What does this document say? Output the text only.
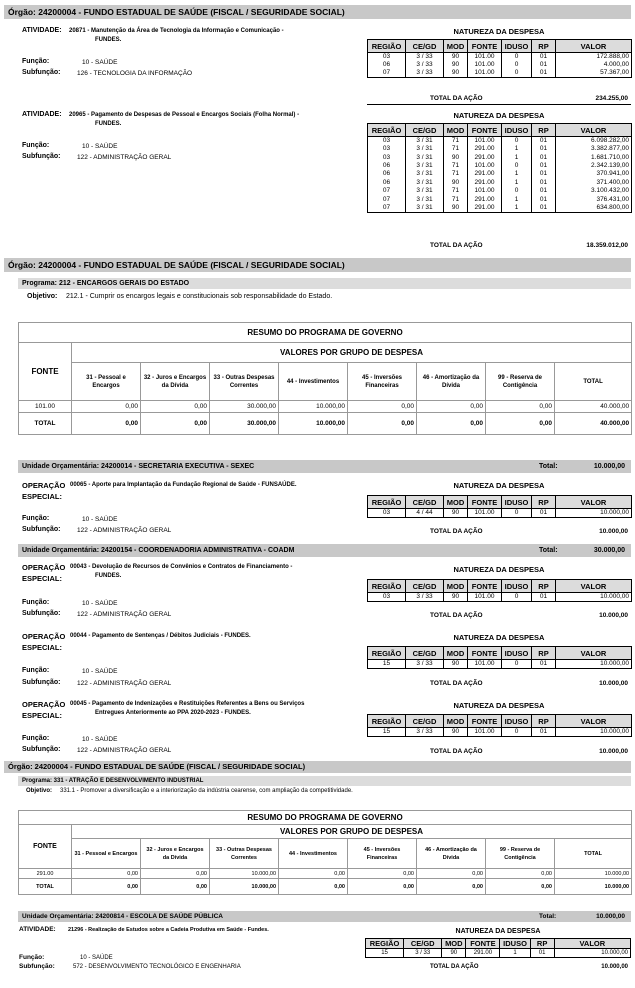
Órgão: 24200004 - FUNDO ESTADUAL DE SAÚDE (FISCAL / SEGURIDADE SOCIAL)
ATIVIDADE: 20871 - Manutenção da Área de Tecnologia da Informação e Comunicação -
FUNDES.
Função:	10 - SAÚDE
Subfunção:	126 - TECNOLOGIA DA INFORMAÇÃO
NATUREZA DA DESPESA
REGIÃO	CE/GD	MOD	FONTE	IDUSO	RP	VALOR
03	3 / 33	90	101.00	0	01	172.888,00
06	3 / 33	90	101.00	0	01	4.000,00
07	3 / 33	90	101.00	0	01	57.367,00
TOTAL DA AÇÃO	234.255,00
ATIVIDADE: 20965 - Pagamento de Despesas de Pessoal e Encargos Sociais (Folha Normal) -
FUNDES.
Função:	10 - SAÚDE
Subfunção:	122 - ADMINISTRAÇÃO GERAL
NATUREZA DA DESPESA
REGIÃO	CE/GD	MOD	FONTE	IDUSO	RP	VALOR
03	3 / 31	71	101.00	0	01	6.098.282,00
03	3 / 31	71	291.00	1	01	3.382.877,00
03	3 / 31	90	291.00	1	01	1.681.710,00
06	3 / 31	71	101.00	0	01	2.342.139,00
06	3 / 31	71	291.00	1	01	370.941,00
06	3 / 31	90	291.00	1	01	371.400,00
07	3 / 31	71	101.00	0	01	3.100.432,00
07	3 / 31	71	291.00	1	01	376.431,00
07	3 / 31	90	291.00	1	01	634.800,00
TOTAL DA AÇÃO	18.359.012,00
Órgão: 24200004 - FUNDO ESTADUAL DE SAÚDE (FISCAL / SEGURIDADE SOCIAL)
Programa: 212 - ENCARGOS GERAIS DO ESTADO
Objetivo: 212.1 - Cumprir os encargos legais e constitucionais sob responsabilidade do Estado.
RESUMO DO PROGRAMA DE GOVERNO								
FONTE	VALORES POR GRUPO DE DESPESA							
	31 - Pessoal e Encargos	32 - Juros e Encargos da Dívida	33 - Outras Despesas Correntes	44 - Investimentos	45 - Inversões Financeiras	46 - Amortização da Dívida	99 - Reserva de Contigência	TOTAL
101.00	0,00	0,00	30.000,00	10.000,00	0,00	0,00	0,00	40.000,00
TOTAL	0,00	0,00	30.000,00	10.000,00	0,00	0,00	0,00	40.000,00
Unidade Orçamentária: 24200014 - SECRETARIA EXECUTIVA - SEXEC	Total:	10.000,00
OPERAÇÃO
ESPECIAL:
00065 - Aporte para Implantação da Fundação Regional de Saúde - FUNSAÚDE.
Função:	10 - SAÚDE
Subfunção:	122 - ADMINISTRAÇÃO GERAL
NATUREZA DA DESPESA
REGIÃO	CE/GD	MOD	FONTE	IDUSO	RP	VALOR
03	4 / 44	90	101.00	0	01	10.000,00
TOTAL DA AÇÃO	10.000,00
Unidade Orçamentária: 24200154 - COORDENADORIA ADMINISTRATIVA - COADM	Total:	30.000,00
OPERAÇÃO
ESPECIAL:
00043 - Devolução de Recursos de Convênios e Contratos de Financiamento -
FUNDES.
Função:	10 - SAÚDE
Subfunção:	122 - ADMINISTRAÇÃO GERAL
NATUREZA DA DESPESA
REGIÃO	CE/GD	MOD	FONTE	IDUSO	RP	VALOR
03	3 / 33	90	101.00	0	01	10.000,00
TOTAL DA AÇÃO	10.000,00
OPERAÇÃO
ESPECIAL:
00044 - Pagamento de Sentenças / Débitos Judiciais - FUNDES.
Função:	10 - SAÚDE
Subfunção:	122 - ADMINISTRAÇÃO GERAL
NATUREZA DA DESPESA
REGIÃO	CE/GD	MOD	FONTE	IDUSO	RP	VALOR
15	3 / 33	90	101.00	0	01	10.000,00
TOTAL DA AÇÃO	10.000,00
OPERAÇÃO
ESPECIAL:
00045 - Pagamento de Indenizações e Restituições Referentes a Bens ou Serviços
Entregues Anteriormente ao PPA 2020-2023 - FUNDES.
Função:	10 - SAÚDE
Subfunção:	122 - ADMINISTRAÇÃO GERAL
NATUREZA DA DESPESA
REGIÃO	CE/GD	MOD	FONTE	IDUSO	RP	VALOR
15	3 / 33	90	101.00	0	01	10.000,00
TOTAL DA AÇÃO	10.000,00
Órgão: 24200004 - FUNDO ESTADUAL DE SAÚDE (FISCAL / SEGURIDADE SOCIAL)
Programa: 331 - ATRAÇÃO E DESENVOLVIMENTO INDUSTRIAL
Objetivo: 331.1 - Promover a diversificação e a interiorização da indústria cearense, com ampliação da competitividade.
RESUMO DO PROGRAMA DE GOVERNO								
FONTE	VALORES POR GRUPO DE DESPESA							
	31 - Pessoal e Encargos	32 - Juros e Encargos da Dívida	33 - Outras Despesas Correntes	44 - Investimentos	45 - Inversões Financeiras	46 - Amortização da Dívida	99 - Reserva de Contigência	TOTAL
291.00	0,00	0,00	10.000,00	0,00	0,00	0,00	0,00	10.000,00
TOTAL	0,00	0,00	10.000,00	0,00	0,00	0,00	0,00	10.000,00
Unidade Orçamentária: 24200814 - ESCOLA DE SAÚDE PÚBLICA	Total:	10.000,00
ATIVIDADE: 21296 - Realização de Estudos sobre a Cadeia Produtiva em Saúde - Fundes.
Função:	10 - SAÚDE
Subfunção:	572 - DESENVOLVIMENTO TECNOLÓGICO E ENGENHARIA
NATUREZA DA DESPESA
REGIÃO	CE/GD	MOD	FONTE	IDUSO	RP	VALOR
15	3 / 33	90	291.00	1	01	10.000,00
TOTAL DA AÇÃO	10.000,00
